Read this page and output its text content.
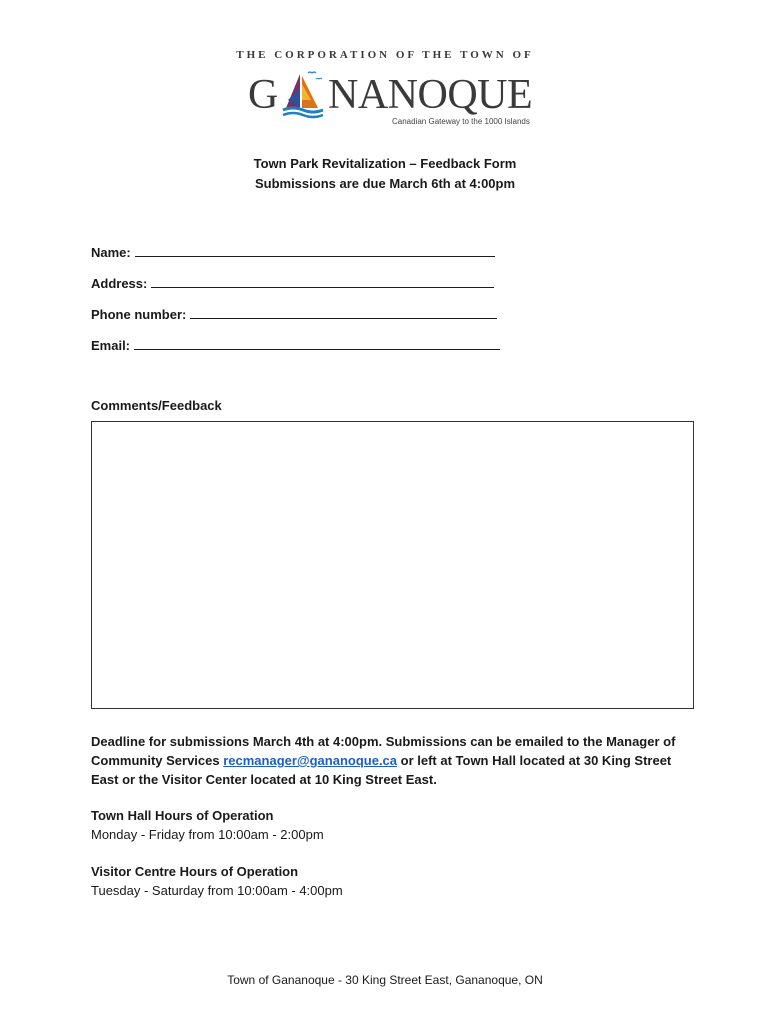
THE CORPORATION OF THE TOWN OF
G NANOQUE
Canadian Gateway to the 1000 Islands
Town Park Revitalization – Feedback Form
Submissions are due March 6th at 4:00pm
Name:
Address:
Phone number:
Email:
Comments/Feedback
Deadline for submissions March 4th at 4:00pm. Submissions can be emailed to the Manager of Community Services recmanager@gananoque.ca or left at Town Hall located at 30 King Street East or the Visitor Center located at 10 King Street East.
Town Hall Hours of Operation
Monday - Friday from 10:00am - 2:00pm
Visitor Centre Hours of Operation
Tuesday - Saturday from 10:00am - 4:00pm
Town of Gananoque - 30 King Street East, Gananoque, ON
